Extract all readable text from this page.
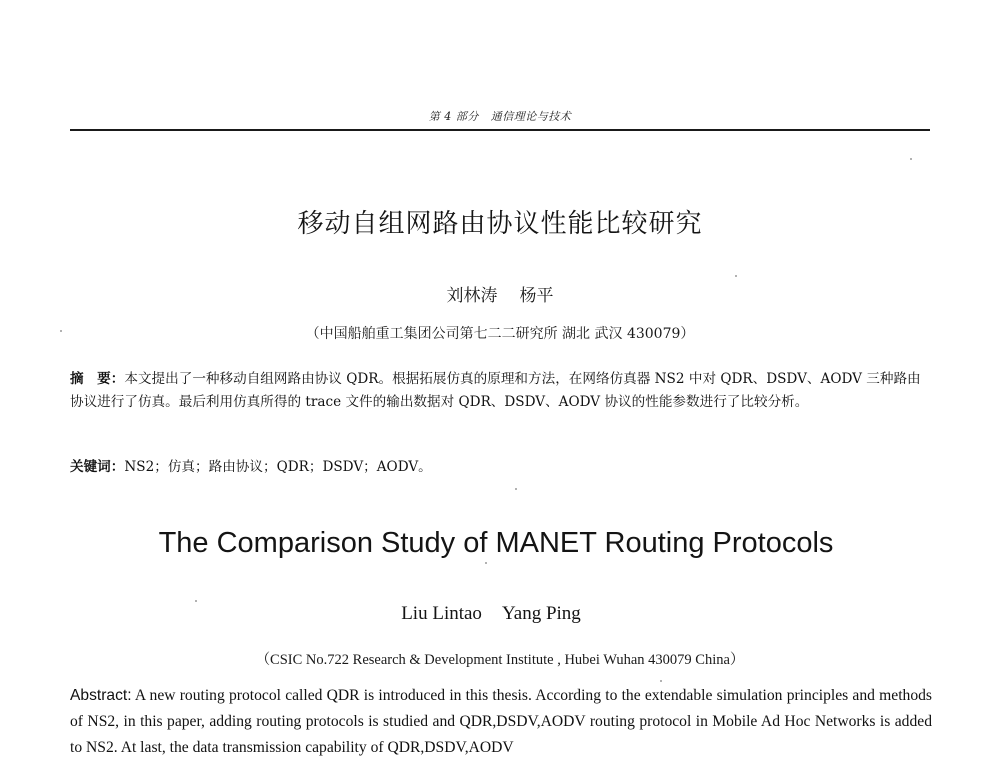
第 4 部分 通信理论与技术
移动自组网路由协议性能比较研究
刘林涛 杨平
（中国船舶重工集团公司第七二二研究所 湖北 武汉 430079）
摘　要：本文提出了一种移动自组网路由协议 QDR。根据拓展仿真的原理和方法，在网络仿真器 NS2 中对 QDR、DSDV、AODV 三种路由协议进行了仿真。最后利用仿真所得的 trace 文件的输出数据对 QDR、DSDV、AODV 协议的性能参数进行了比较分析。
关键词：NS2；仿真；路由协议；QDR；DSDV；AODV。
The Comparison Study of MANET Routing Protocols
Liu Lintao Yang Ping
（CSIC No.722 Research & Development Institute , Hubei Wuhan 430079 China）
Abstract: A new routing protocol called QDR is introduced in this thesis. According to the extendable simulation principles and methods of NS2, in this paper, adding routing protocols is studied and QDR,DSDV,AODV routing protocol in Mobile Ad Hoc Networks is added to NS2. At last, the data transmission capability of QDR,DSDV,AODV
